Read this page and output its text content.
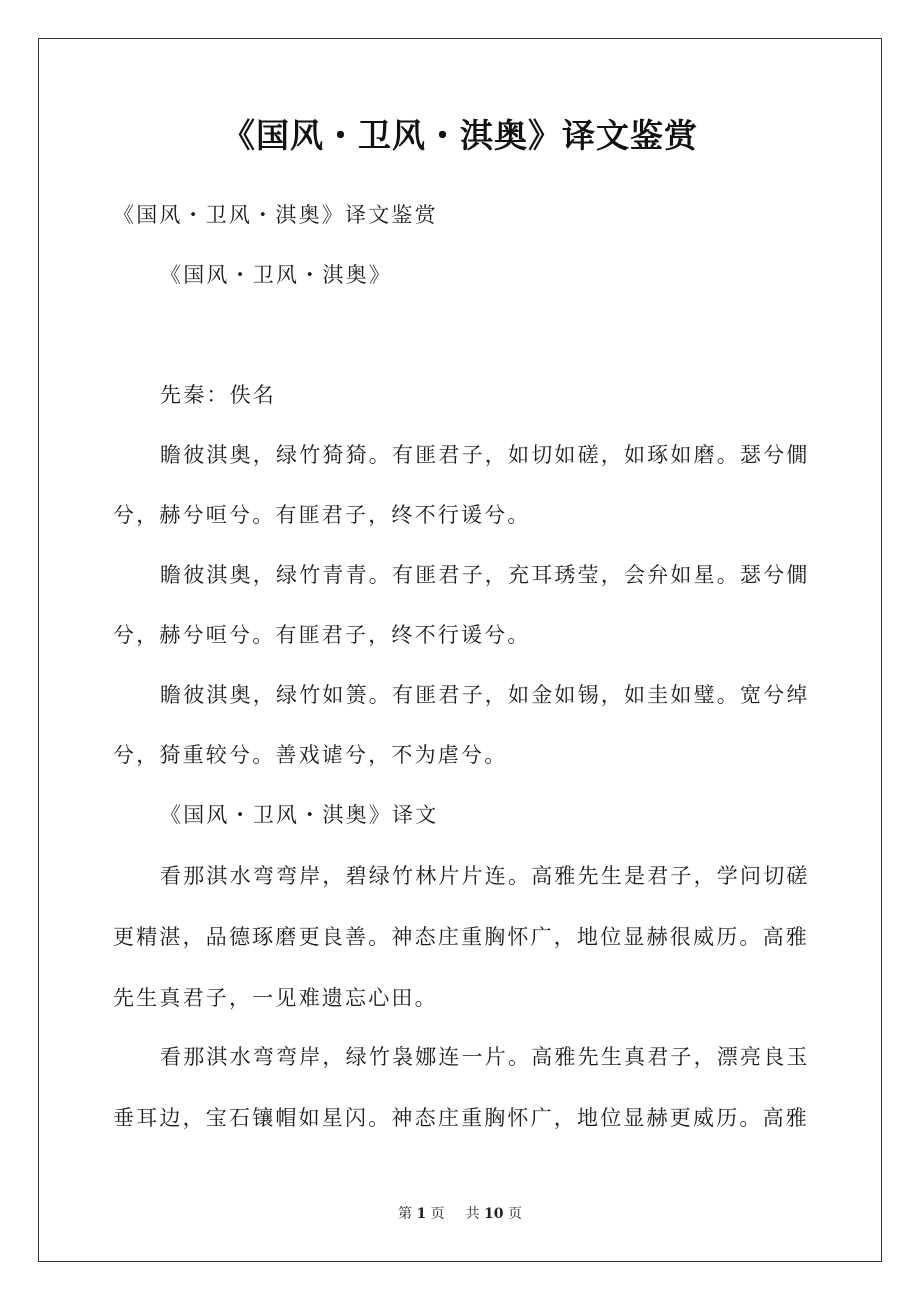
《国风・卫风・淇奥》译文鉴赏
《国风・卫风・淇奥》译文鉴赏
《国风・卫风・淇奥》
先秦：佚名
瞻彼淇奥，绿竹猗猗。有匪君子，如切如磋，如琢如磨。瑟兮僩
兮，赫兮咺兮。有匪君子，终不行谖兮。
瞻彼淇奥，绿竹青青。有匪君子，充耳琇莹，会弁如星。瑟兮僩
兮，赫兮咺兮。有匪君子，终不行谖兮。
瞻彼淇奥，绿竹如箦。有匪君子，如金如锡，如圭如璧。宽兮绰
兮，猗重较兮。善戏谑兮，不为虐兮。
《国风・卫风・淇奥》译文
看那淇水弯弯岸，碧绿竹林片片连。高雅先生是君子，学问切磋
更精湛，品德琢磨更良善。神态庄重胸怀广，地位显赫很威历。高雅
先生真君子，一见难遗忘心田。
看那淇水弯弯岸，绿竹袅娜连一片。高雅先生真君子，漂亮良玉
垂耳边，宝石镶帽如星闪。神态庄重胸怀广，地位显赫更威历。高雅
第 1 页 共 10 页
